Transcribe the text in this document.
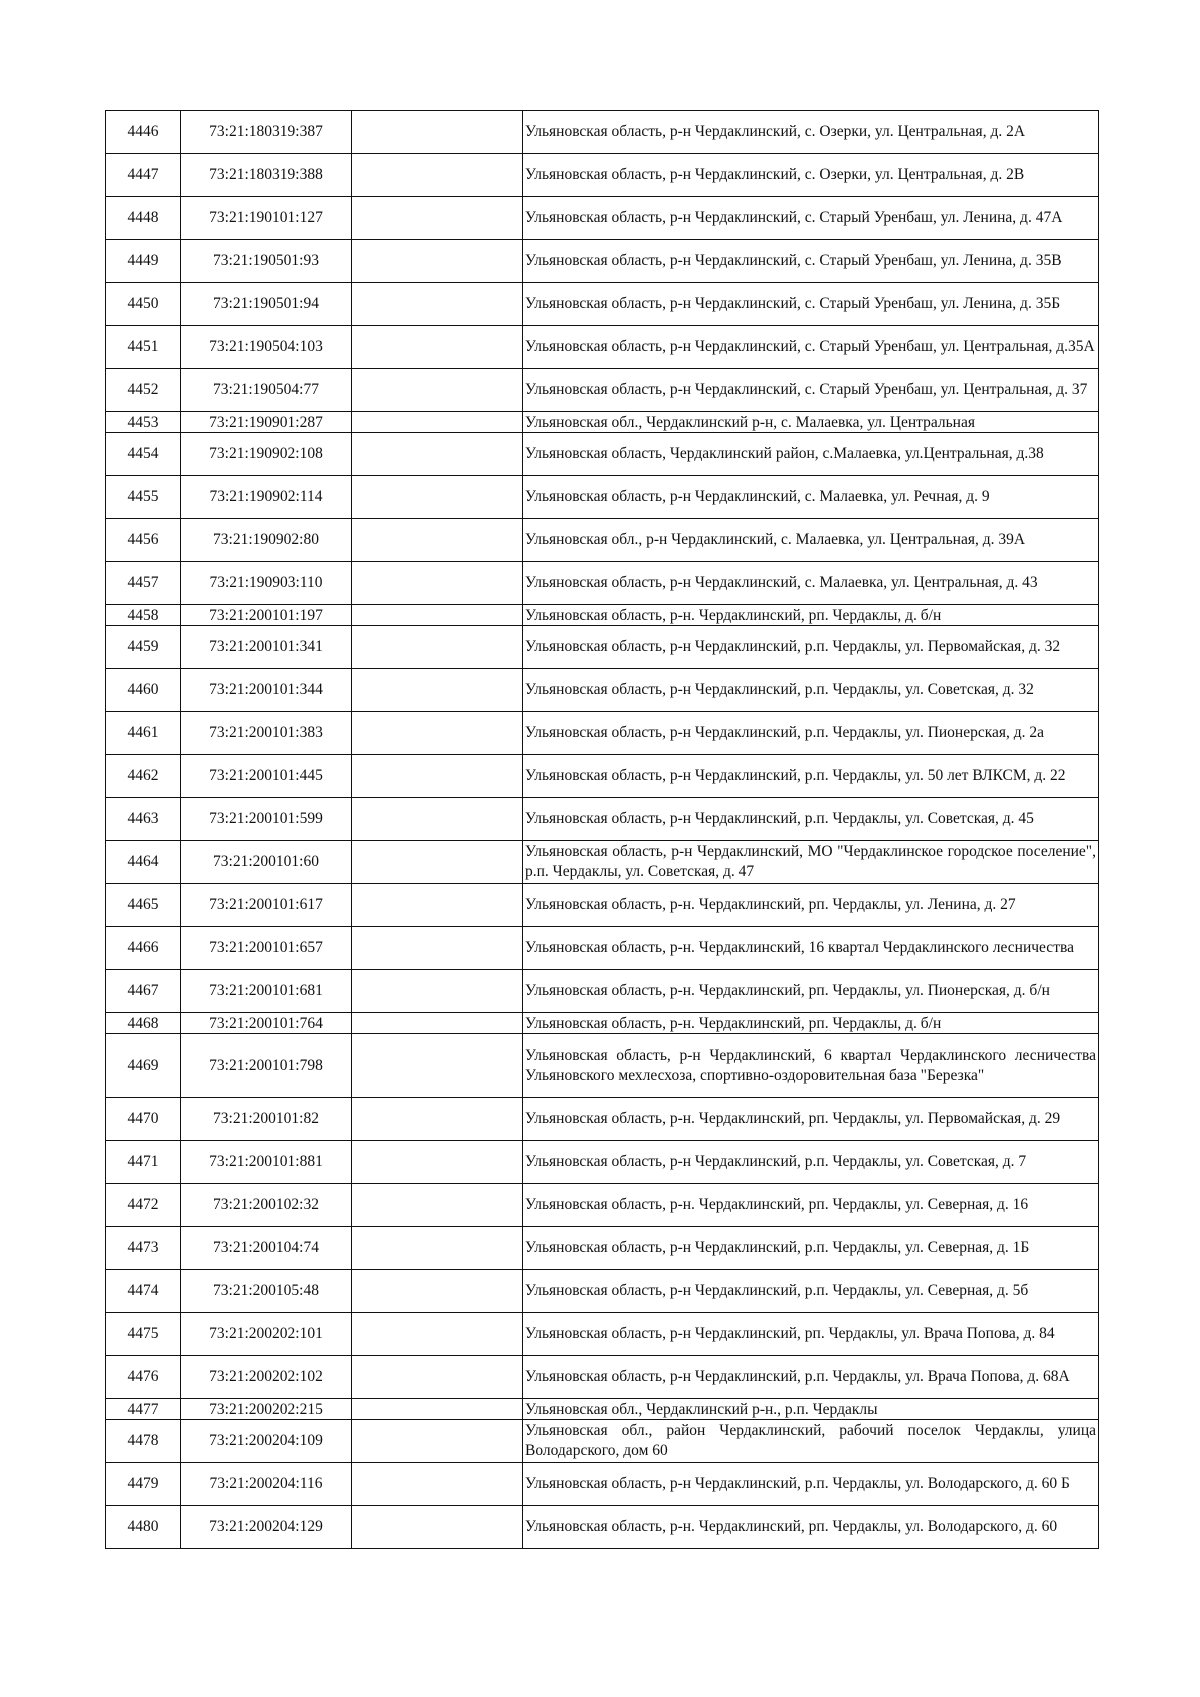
4446	73:21:180319:387		Ульяновская область, р-н Чердаклинский, с. Озерки, ул. Центральная, д. 2А
4447	73:21:180319:388		Ульяновская область, р-н Чердаклинский, с. Озерки, ул. Центральная, д. 2В
4448	73:21:190101:127		Ульяновская область, р-н Чердаклинский, с. Старый Уренбаш, ул. Ленина, д. 47А
4449	73:21:190501:93		Ульяновская область, р-н Чердаклинский, с. Старый Уренбаш, ул. Ленина, д. 35В
4450	73:21:190501:94		Ульяновская область, р-н Чердаклинский, с. Старый Уренбаш, ул. Ленина, д. 35Б
4451	73:21:190504:103		Ульяновская область, р-н Чердаклинский, с. Старый Уренбаш, ул. Центральная, д.35А
4452	73:21:190504:77		Ульяновская область, р-н Чердаклинский, с. Старый Уренбаш, ул. Центральная, д. 37
4453	73:21:190901:287		Ульяновская обл., Чердаклинский р-н, с. Малаевка, ул. Центральная
4454	73:21:190902:108		Ульяновская область, Чердаклинский район, с.Малаевка, ул.Центральная, д.38
4455	73:21:190902:114		Ульяновская область, р-н Чердаклинский, с. Малаевка, ул. Речная, д. 9
4456	73:21:190902:80		Ульяновская обл., р-н Чердаклинский, с. Малаевка, ул. Центральная, д. 39А
4457	73:21:190903:110		Ульяновская область, р-н Чердаклинский, с. Малаевка, ул. Центральная, д. 43
4458	73:21:200101:197		Ульяновская область, р-н. Чердаклинский, рп. Чердаклы, д. б/н
4459	73:21:200101:341		Ульяновская область, р-н Чердаклинский, р.п. Чердаклы, ул. Первомайская, д. 32
4460	73:21:200101:344		Ульяновская область, р-н Чердаклинский, р.п. Чердаклы, ул. Советская, д. 32
4461	73:21:200101:383		Ульяновская область, р-н Чердаклинский, р.п. Чердаклы, ул. Пионерская, д. 2а
4462	73:21:200101:445		Ульяновская область, р-н Чердаклинский, р.п. Чердаклы, ул. 50 лет ВЛКСМ, д. 22
4463	73:21:200101:599		Ульяновская область, р-н Чердаклинский, р.п. Чердаклы, ул. Советская, д. 45
4464	73:21:200101:60		Ульяновская область, р-н Чердаклинский, МО "Чердаклинское городское поселение", р.п. Чердаклы, ул. Советская, д. 47
4465	73:21:200101:617		Ульяновская область, р-н. Чердаклинский, рп. Чердаклы, ул. Ленина, д. 27
4466	73:21:200101:657		Ульяновская область, р-н. Чердаклинский, 16 квартал Чердаклинского лесничества
4467	73:21:200101:681		Ульяновская область, р-н. Чердаклинский, рп. Чердаклы, ул. Пионерская, д. б/н
4468	73:21:200101:764		Ульяновская область, р-н. Чердаклинский, рп. Чердаклы, д. б/н
4469	73:21:200101:798		Ульяновская область, р-н Чердаклинский, 6 квартал Чердаклинского лесничества Ульяновского мехлесхоза, спортивно-оздоровительная база "Березка"
4470	73:21:200101:82		Ульяновская область, р-н. Чердаклинский, рп. Чердаклы, ул. Первомайская, д. 29
4471	73:21:200101:881		Ульяновская область, р-н Чердаклинский, р.п. Чердаклы, ул. Советская, д. 7
4472	73:21:200102:32		Ульяновская область, р-н. Чердаклинский, рп. Чердаклы, ул. Северная, д. 16
4473	73:21:200104:74		Ульяновская область, р-н Чердаклинский, р.п. Чердаклы, ул. Северная, д. 1Б
4474	73:21:200105:48		Ульяновская область, р-н Чердаклинский, р.п. Чердаклы, ул. Северная, д. 5б
4475	73:21:200202:101		Ульяновская область, р-н Чердаклинский, рп. Чердаклы, ул. Врача Попова, д. 84
4476	73:21:200202:102		Ульяновская область, р-н Чердаклинский, р.п. Чердаклы, ул. Врача Попова, д. 68А
4477	73:21:200202:215		Ульяновская обл., Чердаклинский р-н., р.п. Чердаклы
4478	73:21:200204:109		Ульяновская обл., район Чердаклинский, рабочий поселок Чердаклы, улица Володарского, дом 60
4479	73:21:200204:116		Ульяновская область, р-н Чердаклинский, р.п. Чердаклы, ул. Володарского, д. 60 Б
4480	73:21:200204:129		Ульяновская область, р-н. Чердаклинский, рп. Чердаклы, ул. Володарского, д. 60
